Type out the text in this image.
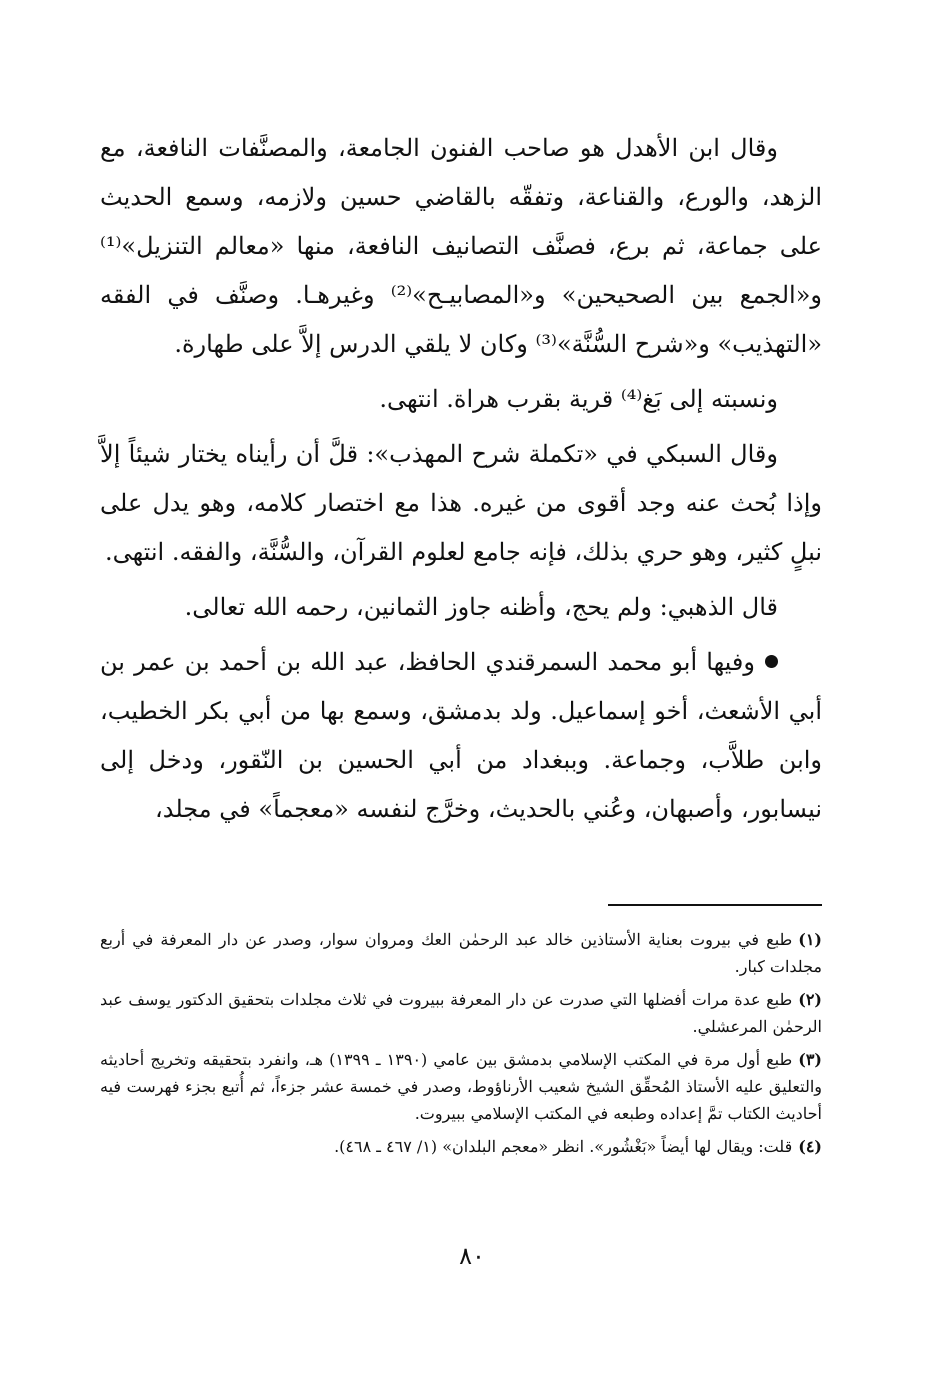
وقال ابن الأهدل هو صاحب الفنون الجامعة، والمصنَّفات النافعة، مع الزهد، والورع، والقناعة، وتفقّه بالقاضي حسين ولازمه، وسمع الحديث على جماعة، ثم برع، فصنَّف التصانيف النافعة، منها «معالم التنزيل»⁽¹⁾ و«الجمع بين الصحيحين» و«المصابيـح»⁽²⁾ وغيرهـا. وصنَّف في الفقه «التهذيب» و«شرح السُّنَّة»⁽³⁾ وكان لا يلقي الدرس إلاَّ على طهارة.

ونسبته إلى بَغ⁽⁴⁾ قرية بقرب هراة. انتهى.

وقال السبكي في «تكملة شرح المهذب»: قلَّ أن رأيناه يختار شيئاً إلاَّ وإذا بُحث عنه وجد أقوى من غيره. هذا مع اختصار كلامه، وهو يدل على نبلٍ كثير، وهو حري بذلك، فإنه جامع لعلوم القرآن، والسُّنَّة، والفقه. انتهى.

قال الذهبي: ولم يحج، وأظنه جاوز الثمانين، رحمه الله تعالى.

وفيها أبو محمد السمرقندي الحافظ، عبد الله بن أحمد بن عمر بن أبي الأشعث، أخو إسماعيل. ولد بدمشق، وسمع بها من أبي بكر الخطيب، وابن طلاَّب، وجماعة. وببغداد من أبي الحسين بن النّقور، ودخل إلى نيسابور، وأصبهان، وعُني بالحديث، وخرَّج لنفسه «معجماً» في مجلد،

(١)طبع في بيروت بعناية الأستاذين خالد عبد الرحمٰن العك ومروان سوار، وصدر عن دار المعرفة في أربع مجلدات كبار.

(٢)طبع عدة مرات أفضلها التي صدرت عن دار المعرفة ببيروت في ثلاث مجلدات بتحقيق الدكتور يوسف عبد الرحمٰن المرعشلي.

(٣)طبع أول مرة في المكتب الإسلامي بدمشق بين عامي (١٣٩٠ ـ ١٣٩٩) هـ، وانفرد بتحقيقه وتخريج أحاديثه والتعليق عليه الأستاذ المُحقِّق الشيخ شعيب الأرناؤوط، وصدر في خمسة عشر جزءاً، ثم أُتبع بجزء فهرست فيه أحاديث الكتاب تمَّ إعداده وطبعه في المكتب الإسلامي ببيروت.

(٤)قلت: ويقال لها أيضاً «بَغْشُور». انظر «معجم البلدان» (١/ ٤٦٧ ـ ٤٦٨).

٨٠
